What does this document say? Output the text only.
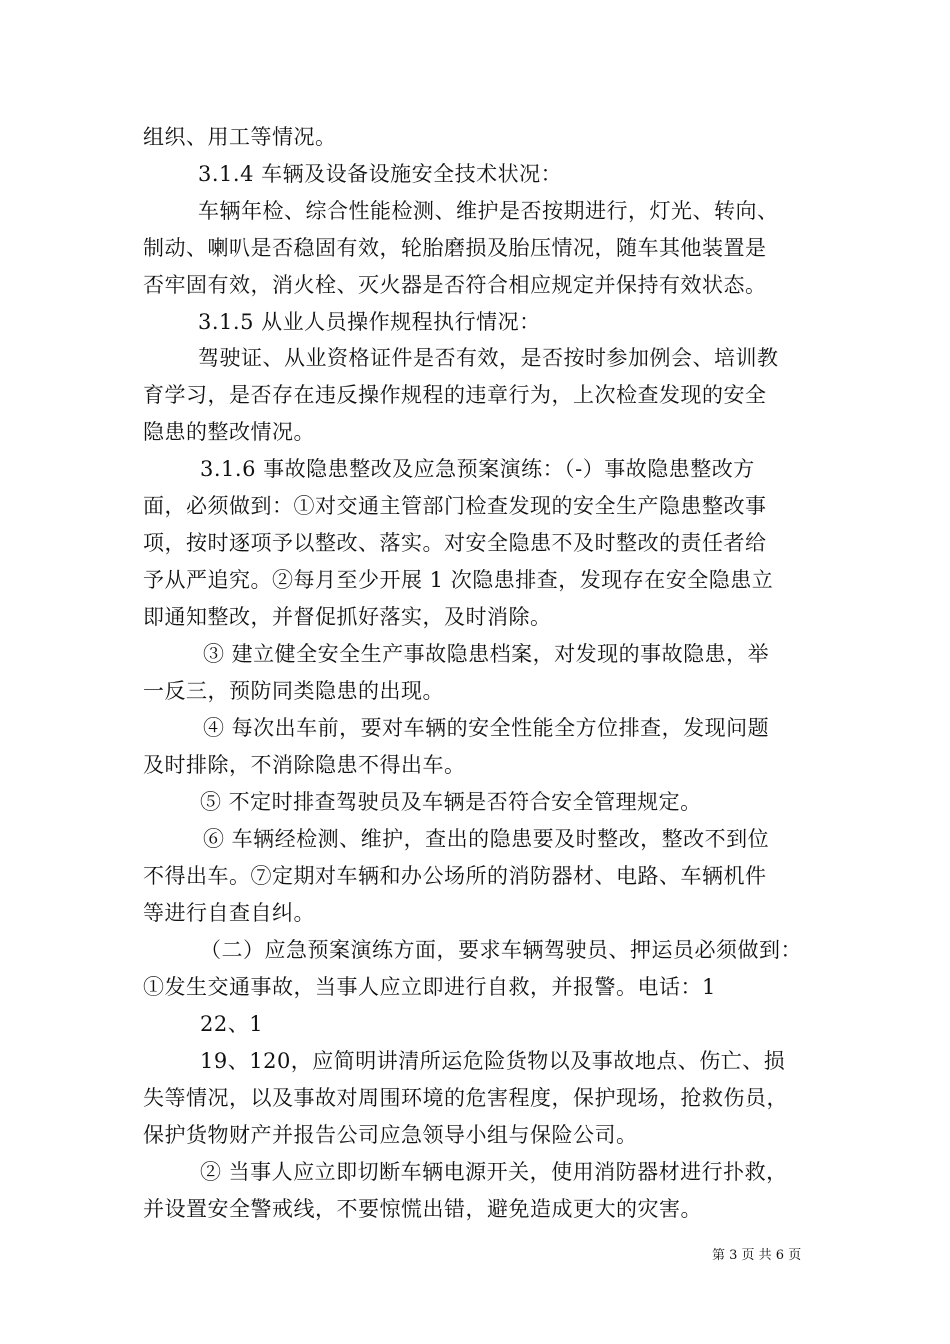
组织、用工等情况。
3.1.4 车辆及设备设施安全技术状况：
车辆年检、综合性能检测、维护是否按期进行，灯光、转向、
制动、喇叭是否稳固有效，轮胎磨损及胎压情况，随车其他装置是
否牢固有效，消火栓、灭火器是否符合相应规定并保持有效状态。
3.1.5 从业人员操作规程执行情况：
驾驶证、从业资格证件是否有效，是否按时参加例会、培训教
育学习，是否存在违反操作规程的违章行为，上次检查发现的安全
隐患的整改情况。
3.1.6 事故隐患整改及应急预案演练：（-）事故隐患整改方
面，必须做到：①对交通主管部门检查发现的安全生产隐患整改事
项，按时逐项予以整改、落实。对安全隐患不及时整改的责任者给
予从严追究。②每月至少开展 1 次隐患排查，发现存在安全隐患立
即通知整改，并督促抓好落实，及时消除。
③ 建立健全安全生产事故隐患档案，对发现的事故隐患，举
一反三，预防同类隐患的出现。
④ 每次出车前，要对车辆的安全性能全方位排查，发现问题
及时排除，不消除隐患不得出车。
⑤ 不定时排查驾驶员及车辆是否符合安全管理规定。
⑥ 车辆经检测、维护，查出的隐患要及时整改，整改不到位
不得出车。⑦定期对车辆和办公场所的消防器材、电路、车辆机件
等进行自查自纠。
（二）应急预案演练方面，要求车辆驾驶员、押运员必须做到：
①发生交通事故，当事人应立即进行自救，并报警。电话：1
22、1
19、120，应简明讲清所运危险货物以及事故地点、伤亡、损
失等情况，以及事故对周围环境的危害程度，保护现场，抢救伤员，
保护货物财产并报告公司应急领导小组与保险公司。
② 当事人应立即切断车辆电源开关，使用消防器材进行扑救，
并设置安全警戒线，不要惊慌出错，避免造成更大的灾害。
第 3 页 共 6 页
